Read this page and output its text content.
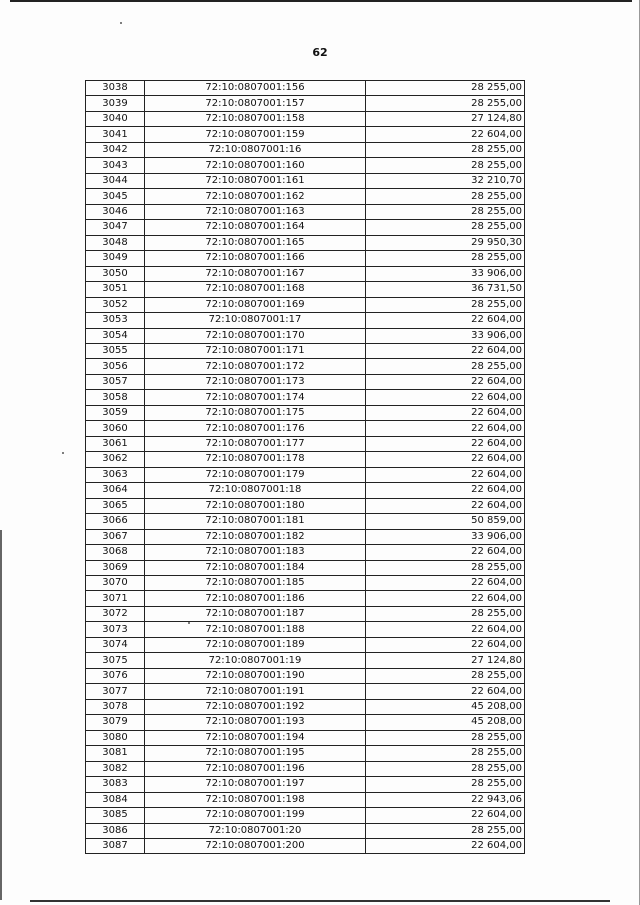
62
3038	72:10:0807001:156	28 255,00
3039	72:10:0807001:157	28 255,00
3040	72:10:0807001:158	27 124,80
3041	72:10:0807001:159	22 604,00
3042	72:10:0807001:16	28 255,00
3043	72:10:0807001:160	28 255,00
3044	72:10:0807001:161	32 210,70
3045	72:10:0807001:162	28 255,00
3046	72:10:0807001:163	28 255,00
3047	72:10:0807001:164	28 255,00
3048	72:10:0807001:165	29 950,30
3049	72:10:0807001:166	28 255,00
3050	72:10:0807001:167	33 906,00
3051	72:10:0807001:168	36 731,50
3052	72:10:0807001:169	28 255,00
3053	72:10:0807001:17	22 604,00
3054	72:10:0807001:170	33 906,00
3055	72:10:0807001:171	22 604,00
3056	72:10:0807001:172	28 255,00
3057	72:10:0807001:173	22 604,00
3058	72:10:0807001:174	22 604,00
3059	72:10:0807001:175	22 604,00
3060	72:10:0807001:176	22 604,00
3061	72:10:0807001:177	22 604,00
3062	72:10:0807001:178	22 604,00
3063	72:10:0807001:179	22 604,00
3064	72:10:0807001:18	22 604,00
3065	72:10:0807001:180	22 604,00
3066	72:10:0807001:181	50 859,00
3067	72:10:0807001:182	33 906,00
3068	72:10:0807001:183	22 604,00
3069	72:10:0807001:184	28 255,00
3070	72:10:0807001:185	22 604,00
3071	72:10:0807001:186	22 604,00
3072	72:10:0807001:187	28 255,00
3073	72:10:0807001:188	22 604,00
3074	72:10:0807001:189	22 604,00
3075	72:10:0807001:19	27 124,80
3076	72:10:0807001:190	28 255,00
3077	72:10:0807001:191	22 604,00
3078	72:10:0807001:192	45 208,00
3079	72:10:0807001:193	45 208,00
3080	72:10:0807001:194	28 255,00
3081	72:10:0807001:195	28 255,00
3082	72:10:0807001:196	28 255,00
3083	72:10:0807001:197	28 255,00
3084	72:10:0807001:198	22 943,06
3085	72:10:0807001:199	22 604,00
3086	72:10:0807001:20	28 255,00
3087	72:10:0807001:200	22 604,00
